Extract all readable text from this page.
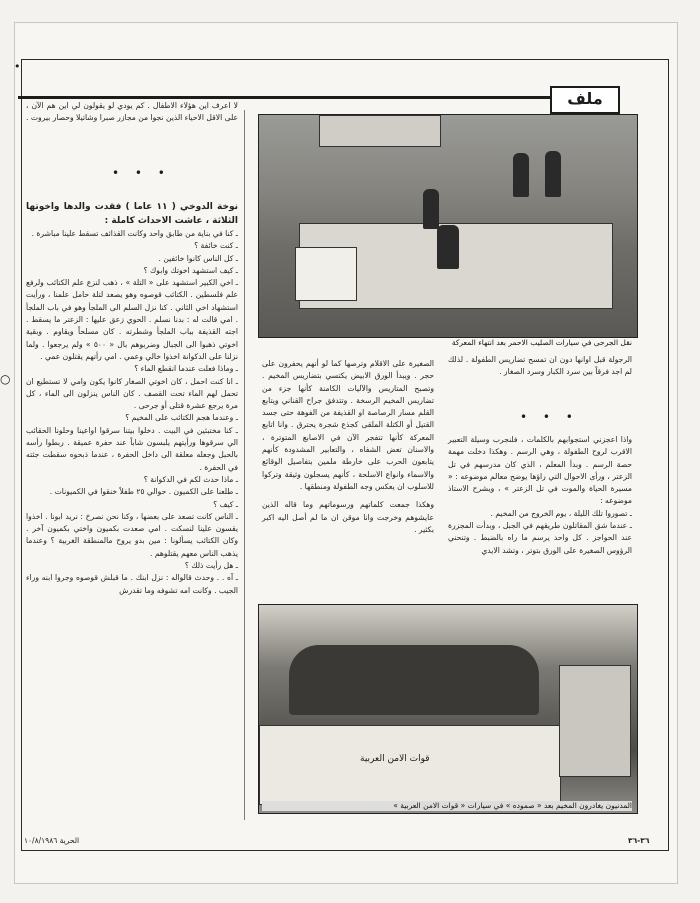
•
○
ملف
نقل الجرحى في سيارات الصليب الاحمر بعد انتهاء المعركة
قوات الامن العربية
المدنيون يغادرون المخيم بعد « صموده » في سيارات « قوات الامن العربية »

لا اعرف اين هؤلاء الاطفال . كم يودي لو يقولون لي اين هم الآن ، على الاقل الاحياء الذين نجوا من مجازر صبرا وشاتيلا وحصار بيروت .

• • •

نوخة الدوخي ( ١١ عاما ) فقدت والدها واخوتها الثلاثة ، عاشت الاحداث كاملة :

ـ كنا في بناية من طابق واحد وكانت القذائف تسقط علينا مباشرة .

ـ كنت خائفة ؟

ـ كل الناس كانوا خائفين .

ـ كيف استشهد اخوتك وابوك ؟

ـ اخي الكبير استشهد على « التلة » ، ذهب لنزع علم الكتائب ولرفع علم فلسطين . الكتائب قوصوه وهو يصعد لتلة حامل علمنا ، ورأيت استشهاد اخي الثاني . كنا نزل السلم الى الملجأ وهو في باب الملجأ . امي قالت له : بدنا نسلم . الحوي زعق عليها : الزعتر ما يسقط . اجته القذيفة بباب الملجأ وشطرته . كان مسلحاً ويقاوم . وبقية اخوتي ذهبوا الى الجبال وضربوهم بال « ٥٠٠ » ولم يرجعوا . ولما نزلنا على الدكوانة اخذوا خالي وعمي . امي رأتهم يقتلون عمي .

ـ وماذا فعلت عندما انقطع الماء ؟

ـ انا كنت احمل ، كان اخوتي الصغار كانوا يكون وامي لا تستطيع ان تحمل لهم الماء تحت القصف . كان الناس ينزلون الى الماء ، كل مرة يرجع عشرة قتلى أو جرحى .

ـ وعندما هجم الكتائب على المخيم ؟

ـ كنا مختبئين في البيت . دخلوا بيتنا سرقوا اواعينا وحلونا الحقائب الي سرقوها ورأيتهم يلبسون شاباً عند حفرة عميقة . ربطوا رأسه بالحبل وجعله معلقة الى داخل الحفرة ، عندما ذبحوه سقطت جثته في الحفرة .

ـ ماذا حدث لكم في الدكوانة ؟

ـ طلعنا على الكميون . حوالي ٢٥ طفلاً خنقوا في الكميونات .

ـ كيف ؟

ـ الناس كانت تصعد على بعضها ، وكنا نحن نصرخ : نريد ابونا . اخذوا يقسون علينا لنسكت . امي صعدت بكميون واختي بكميون آخر . وكان الكتائب يسألونا : مين بدو يروح مالمنطقة الغربية ؟ وعندما يذهب الناس معهم يقتلوهم .

ـ هل رأيت ذلك ؟

ـ آه . . وحدث قالواله : نزل ابنك . ما قبلش قوصوه وجروا ابنه وراء الجيب . وكانت امه تشوفه وما تقدرش

الصغيرة على الاقلام وترصها كما لو أنهم يحفرون على حجر . ويبدأ الورق الابيض يكتسي بتضاريس المخيم . وتصبح المتاريس والآليات الكامنة كأنها جزء من تضاريس المخيم الرسخة . وتتدفق جراح القناني ويتابع القلم مسار الرصاصة او القذيفة من الفوهة حتى جسد القتيل أو الكتلة الملقى كجذع شجرة يحترق . وانا اتابع المعركة كأنها تتفجر الآن في الاصابع المتوترة ، والاسنان تعض الشفاه ، والتعابير المشدودة كأنهم يتابعون الحرب على خارطة ملمين بتفاصيل الوقائع والاسماء وانواع الاسلحة ، كأنهم يسجلون وثيقة وتركوا للاسلوب ان يعكس وجه الطفولة ومنطقها .

وهكذا جمعت كلماتهم ورسوماتهم وما قاله الذين عايشوهم وخرجت وانا موقن ان ما لم أصل اليه اكبر بكثير .

الرجولة قبل اوانها دون ان تمسح تضاريس الطفولة . لذلك لم اجد فرقاً بين سرد الكبار وسرد الصغار .

• • •

واذا اعجزني استجوابهم بالكلمات ، فلنجرب وسيلة التعبير الاقرب لروح الطفولة ، وهي الرسم . وهكذا دخلت مهمة حصة الرسم . وبدأ المعلم ، الذي كان مدرسهم في تل الزعتر ، ورأى الاحوال التي راؤها يوضح معالم موضوعه : « مسيرة الحياة والموت في تل الزعتر » ، ويشرح الاستاذ موضوعه :

ـ تصوروا تلك الليلة ، يوم الخروج من المخيم .

ـ عندما شق المقاتلون طريقهم في الجبل ، وبدأت المجزرة عند الحواجز . كل واحد يرسم ما راه بالضبط . وتنحني الرؤوس الصغيرة على الورق بتوتر ، وتشد الايدي

الحرية ١٠/٨/١٩٨٦	٣٦-٣٦
